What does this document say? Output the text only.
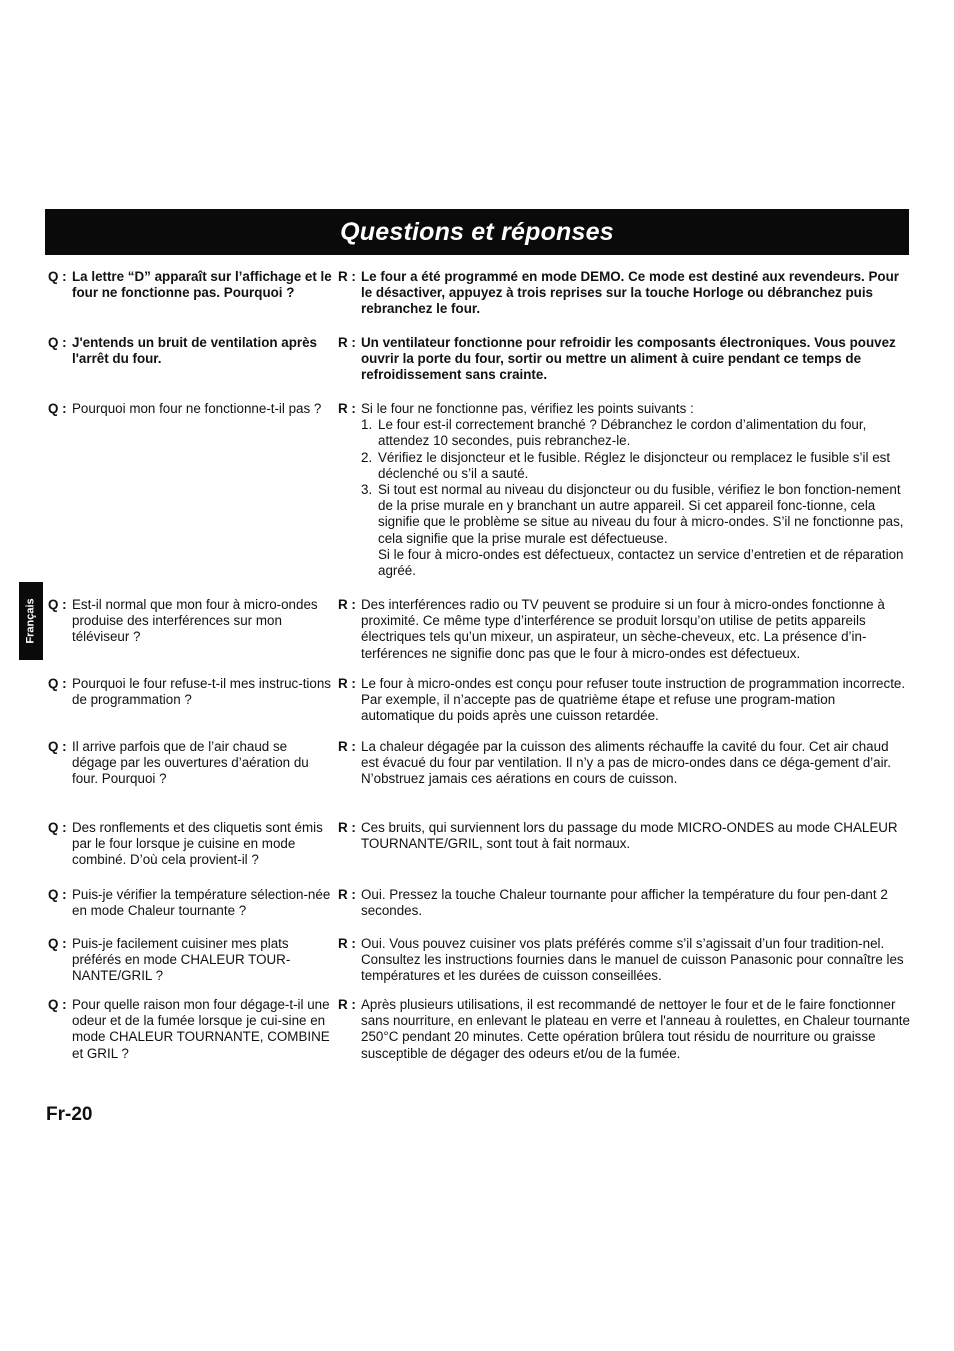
Questions et réponses
Français
Q : La lettre “D” apparaît sur l’affichage et le four ne fonctionne pas. Pourquoi ?
R : Le four a été programmé en mode DEMO. Ce mode est destiné aux revendeurs. Pour le désactiver, appuyez à trois reprises sur la touche Horloge ou débranchez puis rebranchez le four.
Q : J'entends un bruit de ventilation après l'arrêt du four.
R : Un ventilateur fonctionne pour refroidir les composants électroniques. Vous pouvez ouvrir la porte du four, sortir ou mettre un aliment à cuire pendant ce temps de refroidissement sans crainte.
Q : Pourquoi mon four ne fonctionne-t-il pas ?	R : Si le four ne fonctionne pas, vérifiez les points suivants :
1. Le four est-il correctement branché ? Débranchez le cordon d’alimentation du four, attendez 10 secondes, puis rebranchez-le.
2. Vérifiez le disjoncteur et le fusible. Réglez le disjoncteur ou remplacez le fusible s’il est déclenché ou s’il a sauté.
3. Si tout est normal au niveau du disjoncteur ou du fusible, vérifiez le bon fonction-nement de la prise murale en y branchant un autre appareil. Si cet appareil fonc-tionne, cela signifie que le problème se situe au niveau du four à micro-ondes. S’il ne fonctionne pas, cela signifie que la prise murale est défectueuse.
Si le four à micro-ondes est défectueux, contactez un service d’entretien et de réparation agréé.
Q : Est-il normal que mon four à micro-ondes produise des interférences sur mon téléviseur ?
R : Des interférences radio ou TV peuvent se produire si un four à micro-ondes fonctionne à proximité. Ce même type d’interférence se produit lorsqu’on utilise de petits appareils électriques tels qu’un mixeur, un aspirateur, un sèche-cheveux, etc. La présence d’in-terférences ne signifie donc pas que le four à micro-ondes est défectueux.
Q : Pourquoi le four refuse-t-il mes instruc-tions de programmation ?
R : Le four à micro-ondes est conçu pour refuser toute instruction de programmation incorrecte. Par exemple, il n’accepte pas de quatrième étape et refuse une program-mation automatique du poids après une cuisson retardée.
Q : Il arrive parfois que de l’air chaud se dégage par les ouvertures d’aération du four. Pourquoi ?
R : La chaleur dégagée par la cuisson des aliments réchauffe la cavité du four. Cet air chaud est évacué du four par ventilation. Il n’y a pas de micro-ondes dans ce déga-gement d’air. N’obstruez jamais ces aérations en cours de cuisson.
Q : Des ronflements et des cliquetis sont émis par le four lorsque je cuisine en mode combiné. D’où cela provient-il ?
R : Ces bruits, qui surviennent lors du passage du mode MICRO-ONDES au mode CHALEUR TOURNANTE/GRIL, sont tout à fait normaux.
Q : Puis-je vérifier la température sélection-née en mode Chaleur tournante ?
R : Oui. Pressez la touche Chaleur tournante pour afficher la température du four pen-dant 2 secondes.
Q : Puis-je facilement cuisiner mes plats préférés en mode CHALEUR TOUR-NANTE/GRIL ?
R : Oui. Vous pouvez cuisiner vos plats préférés comme s’il s’agissait d’un four tradition-nel. Consultez les instructions fournies dans le manuel de cuisson Panasonic pour connaître les températures et les durées de cuisson conseillées.
Q : Pour quelle raison mon four dégage-t-il une odeur et de la fumée lorsque je cui-sine en mode CHALEUR TOURNANTE, COMBINE et GRIL ?
R : Après plusieurs utilisations, il est recommandé de nettoyer le four et de le faire fonctionner sans nourriture, en enlevant le plateau en verre et l'anneau à roulettes, en Chaleur tournante 250°C pendant 20 minutes. Cette opération brûlera tout résidu de nourriture ou graisse susceptible de dégager des odeurs et/ou de la fumée.
Fr-20
